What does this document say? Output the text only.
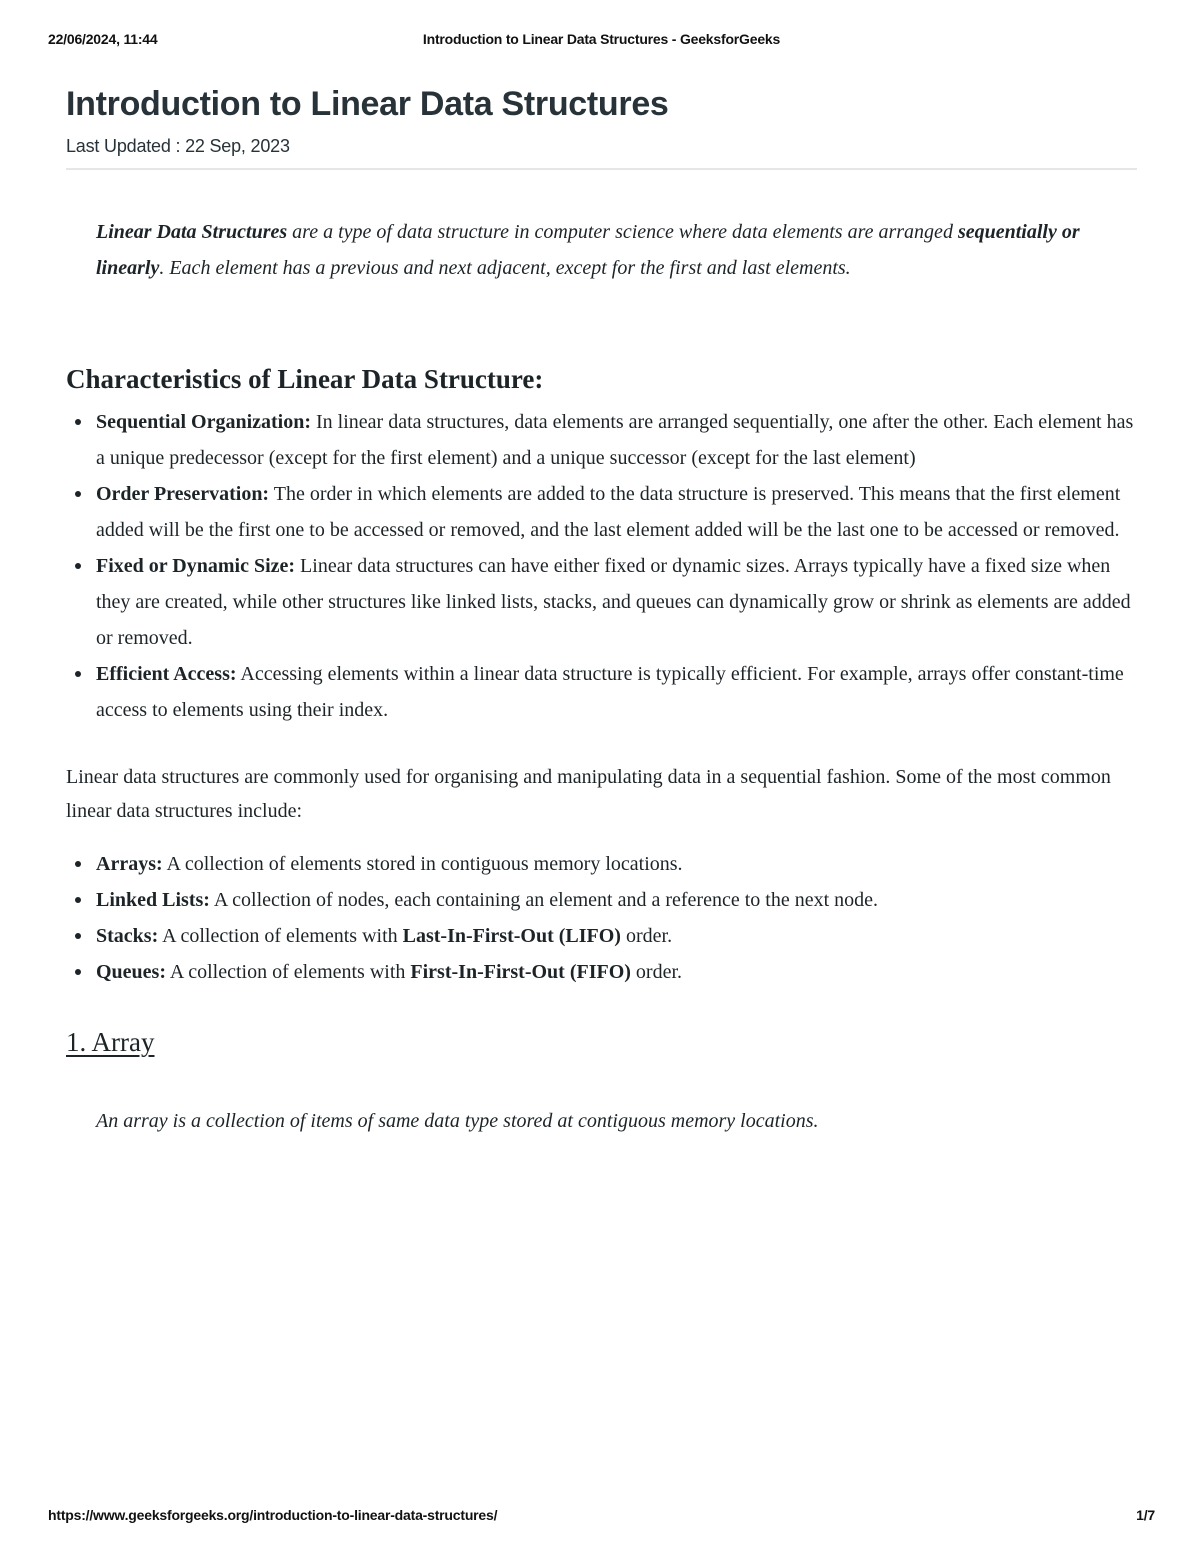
22/06/2024, 11:44	Introduction to Linear Data Structures - GeeksforGeeks
Introduction to Linear Data Structures
Last Updated : 22 Sep, 2023

Linear Data Structures are a type of data structure in computer science where data elements are arranged sequentially or linearly. Each element has a previous and next adjacent, except for the first and last elements.

Characteristics of Linear Data Structure:
Sequential Organization: In linear data structures, data elements are arranged sequentially, one after the other. Each element has a unique predecessor (except for the first element) and a unique successor (except for the last element)
Order Preservation: The order in which elements are added to the data structure is preserved. This means that the first element added will be the first one to be accessed or removed, and the last element added will be the last one to be accessed or removed.
Fixed or Dynamic Size: Linear data structures can have either fixed or dynamic sizes. Arrays typically have a fixed size when they are created, while other structures like linked lists, stacks, and queues can dynamically grow or shrink as elements are added or removed.
Efficient Access: Accessing elements within a linear data structure is typically efficient. For example, arrays offer constant-time access to elements using their index.

Linear data structures are commonly used for organising and manipulating data in a sequential fashion. Some of the most common linear data structures include:

Arrays: A collection of elements stored in contiguous memory locations.
Linked Lists: A collection of nodes, each containing an element and a reference to the next node.
Stacks: A collection of elements with Last-In-First-Out (LIFO) order.
Queues: A collection of elements with First-In-First-Out (FIFO) order.
1. Array

An array is a collection of items of same data type stored at contiguous memory locations.

https://www.geeksforgeeks.org/introduction-to-linear-data-structures/	1/7
